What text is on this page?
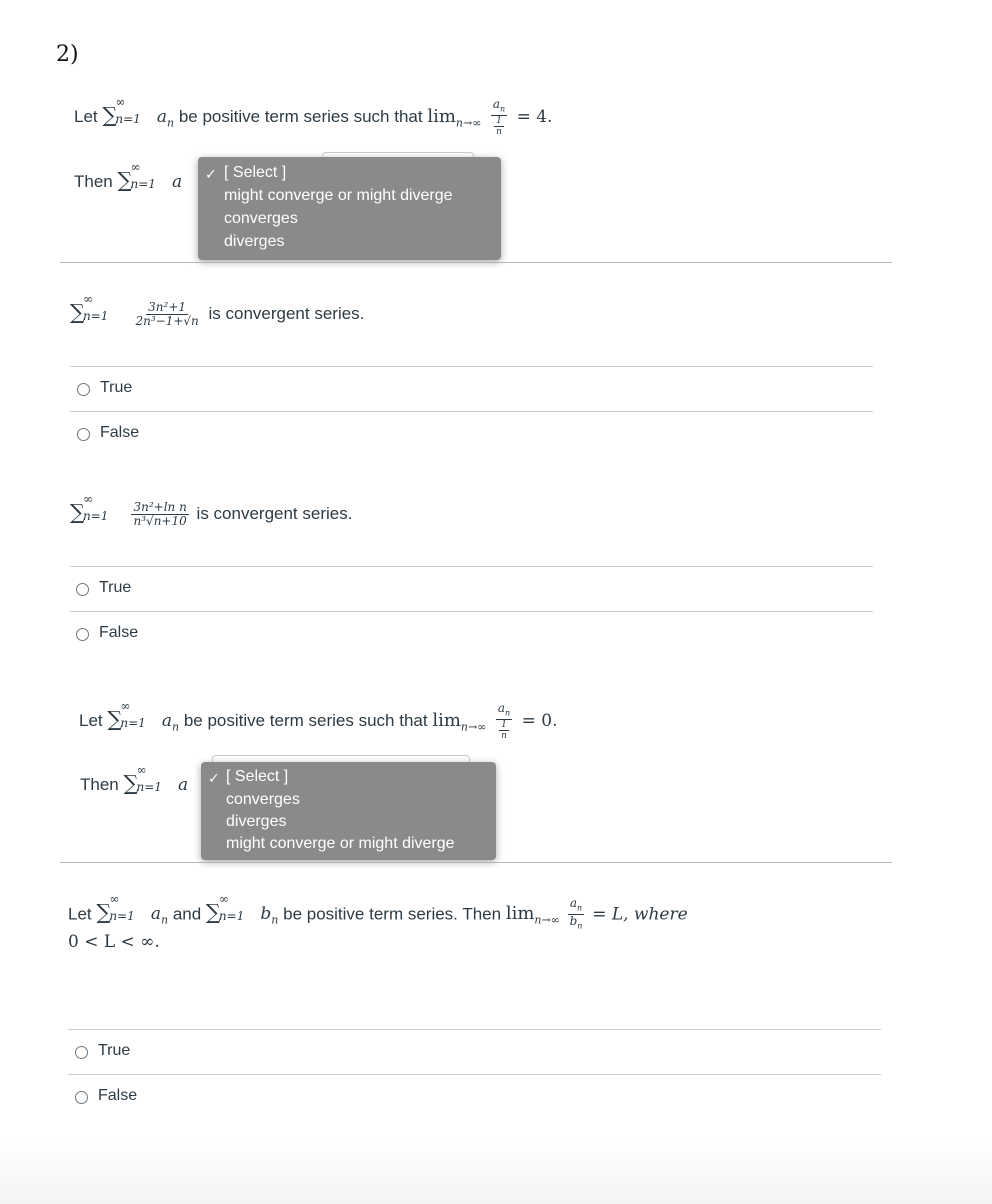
2)
Let ∑
∞
n=1 $a_n$ be positive term series such that $\lim_{n\to\infty} \frac{a_n}{\frac{1}{n}} = 4$.
Then ∑
∞
n=1 a ✓ [ Select ]
might converge or might diverge
converges
diverges
∑
∞
n=1
$\frac{\text{3n²+1}}{\text{2n³−1+√n}}$ is convergent series.
True
False
∑
∞
n=1
$\frac{\text{3n²+ln n}}{\text{n³√n+10}}$ is convergent series.
True
False
Let ∑
∞
n=1 $a_n$ be positive term series such that $\lim_{n\to\infty} \frac{a_n}{\frac{1}{n}} = 0$.
Then ∑
∞
n=1 a ✓ [ Select ]
converges
diverges
might converge or might diverge
Let ∑
∞
n=1 $a_n$ and ∑
∞
n=1 $b_n$ be positive term series. Then $\lim_{n\to\infty} \frac{a_n}{b_n} = L$, where
0 < L < ∞.
True
False
